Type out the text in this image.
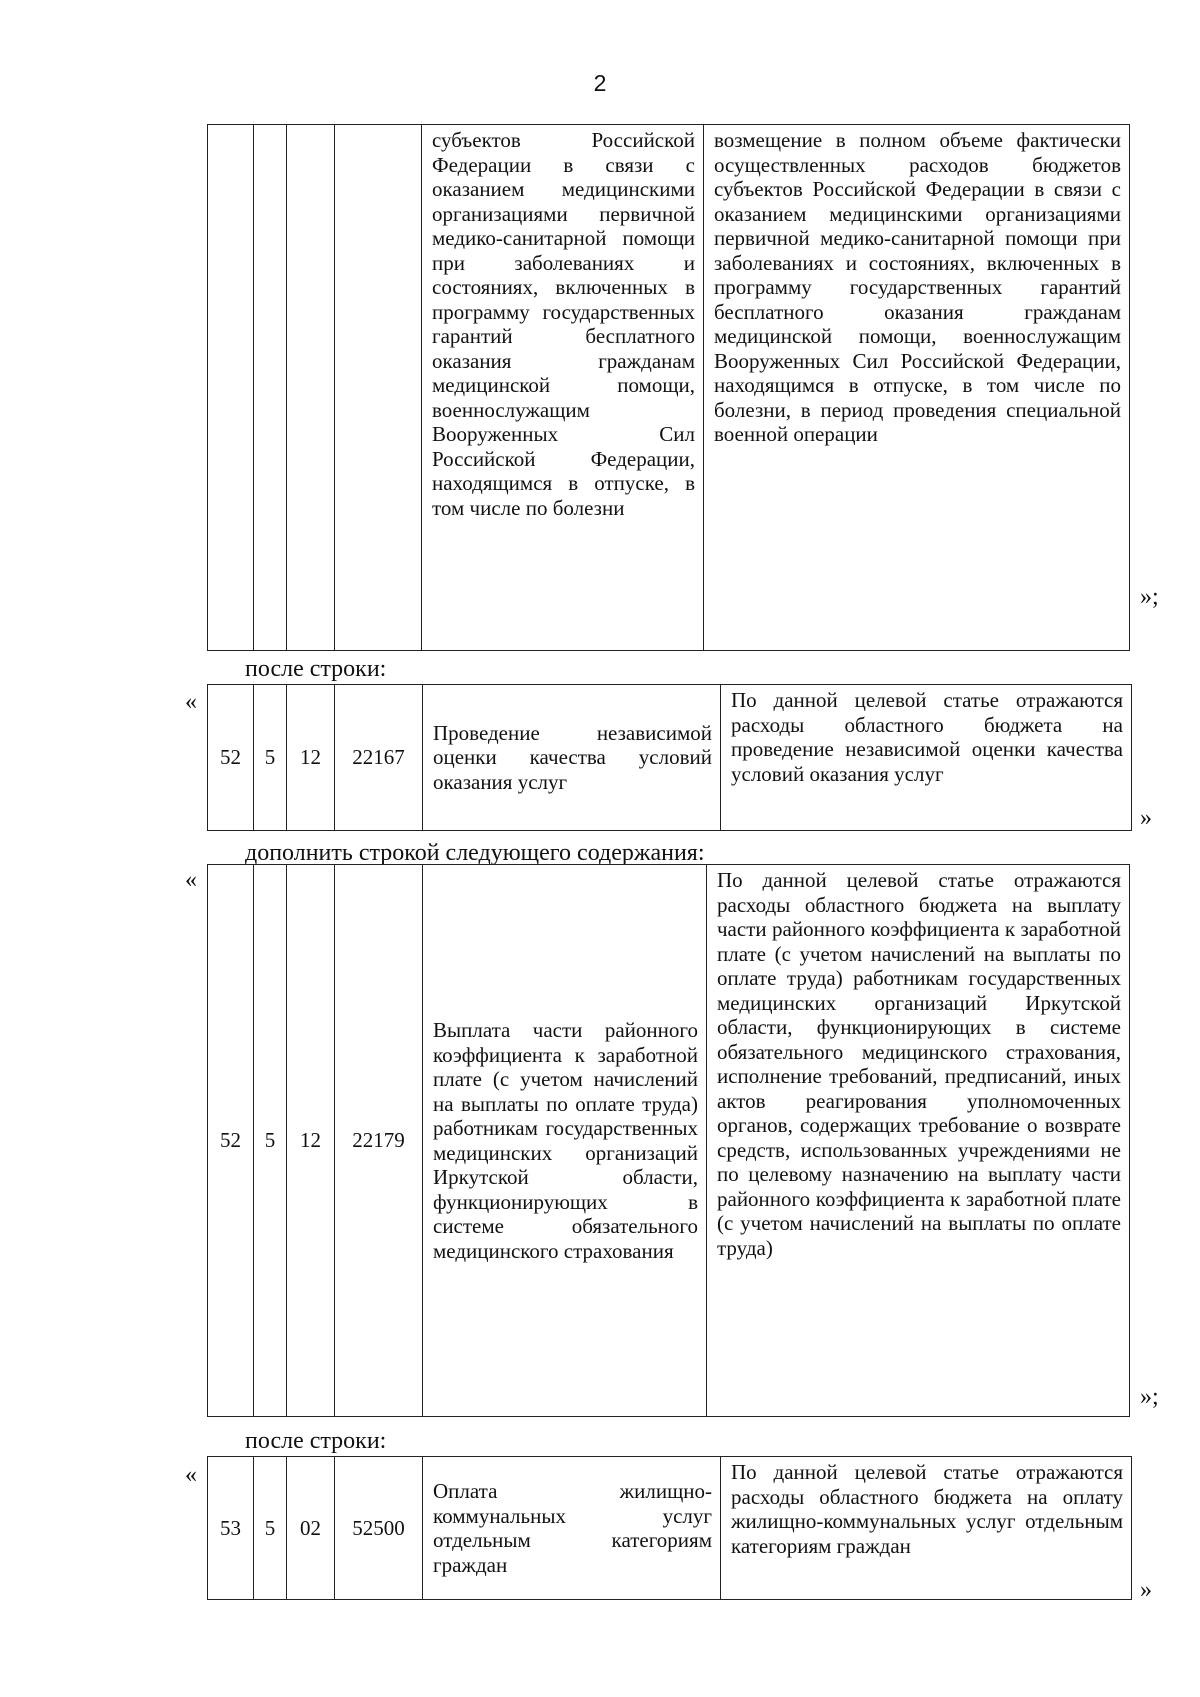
2
				субъектов Российской Федерации в связи с оказанием медицинскими организациями первичной медико-санитарной помощи при заболеваниях и состояниях, включенных в программу государственных гарантий бесплатного оказания гражданам медицинской помощи, военнослужащим Вооруженных Сил Российской Федерации, находящимся в отпуске, в том числе по болезни	возмещение в полном объеме фактически осуществленных расходов бюджетов субъектов Российской Федерации в связи с оказанием медицинскими организациями первичной медико-санитарной помощи при заболеваниях и состояниях, включенных в программу государственных гарантий бесплатного оказания гражданам медицинской помощи, военнослужащим Вооруженных Сил Российской Федерации, находящимся в отпуске, в том числе по болезни, в период проведения специальной военной операции
»;
после строки:
«
52	5	12	22167	Проведение независимой оценки качества условий оказания услуг	По данной целевой статье отражаются расходы областного бюджета на проведение независимой оценки качества условий оказания услуг
»
дополнить строкой следующего содержания:
«
52	5	12	22179	Выплата части районного коэффициента к заработной плате (с учетом начислений на выплаты по оплате труда) работникам государственных медицинских организаций Иркутской области, функционирующих в системе обязательного медицинского страхования	По данной целевой статье отражаются расходы областного бюджета на выплату части районного коэффициента к заработной плате (с учетом начислений на выплаты по оплате труда) работникам государственных медицинских организаций Иркутской области, функционирующих в системе обязательного медицинского страхования, исполнение требований, предписаний, иных актов реагирования уполномоченных органов, содержащих требование о возврате средств, использованных учреждениями не по целевому назначению на выплату части районного коэффициента к заработной плате (с учетом начислений на выплаты по оплате труда)
»;
после строки:
«
53	5	02	52500	Оплата жилищно-коммунальных услуг отдельным категориям граждан	По данной целевой статье отражаются расходы областного бюджета на оплату жилищно-коммунальных услуг отдельным категориям граждан
»
